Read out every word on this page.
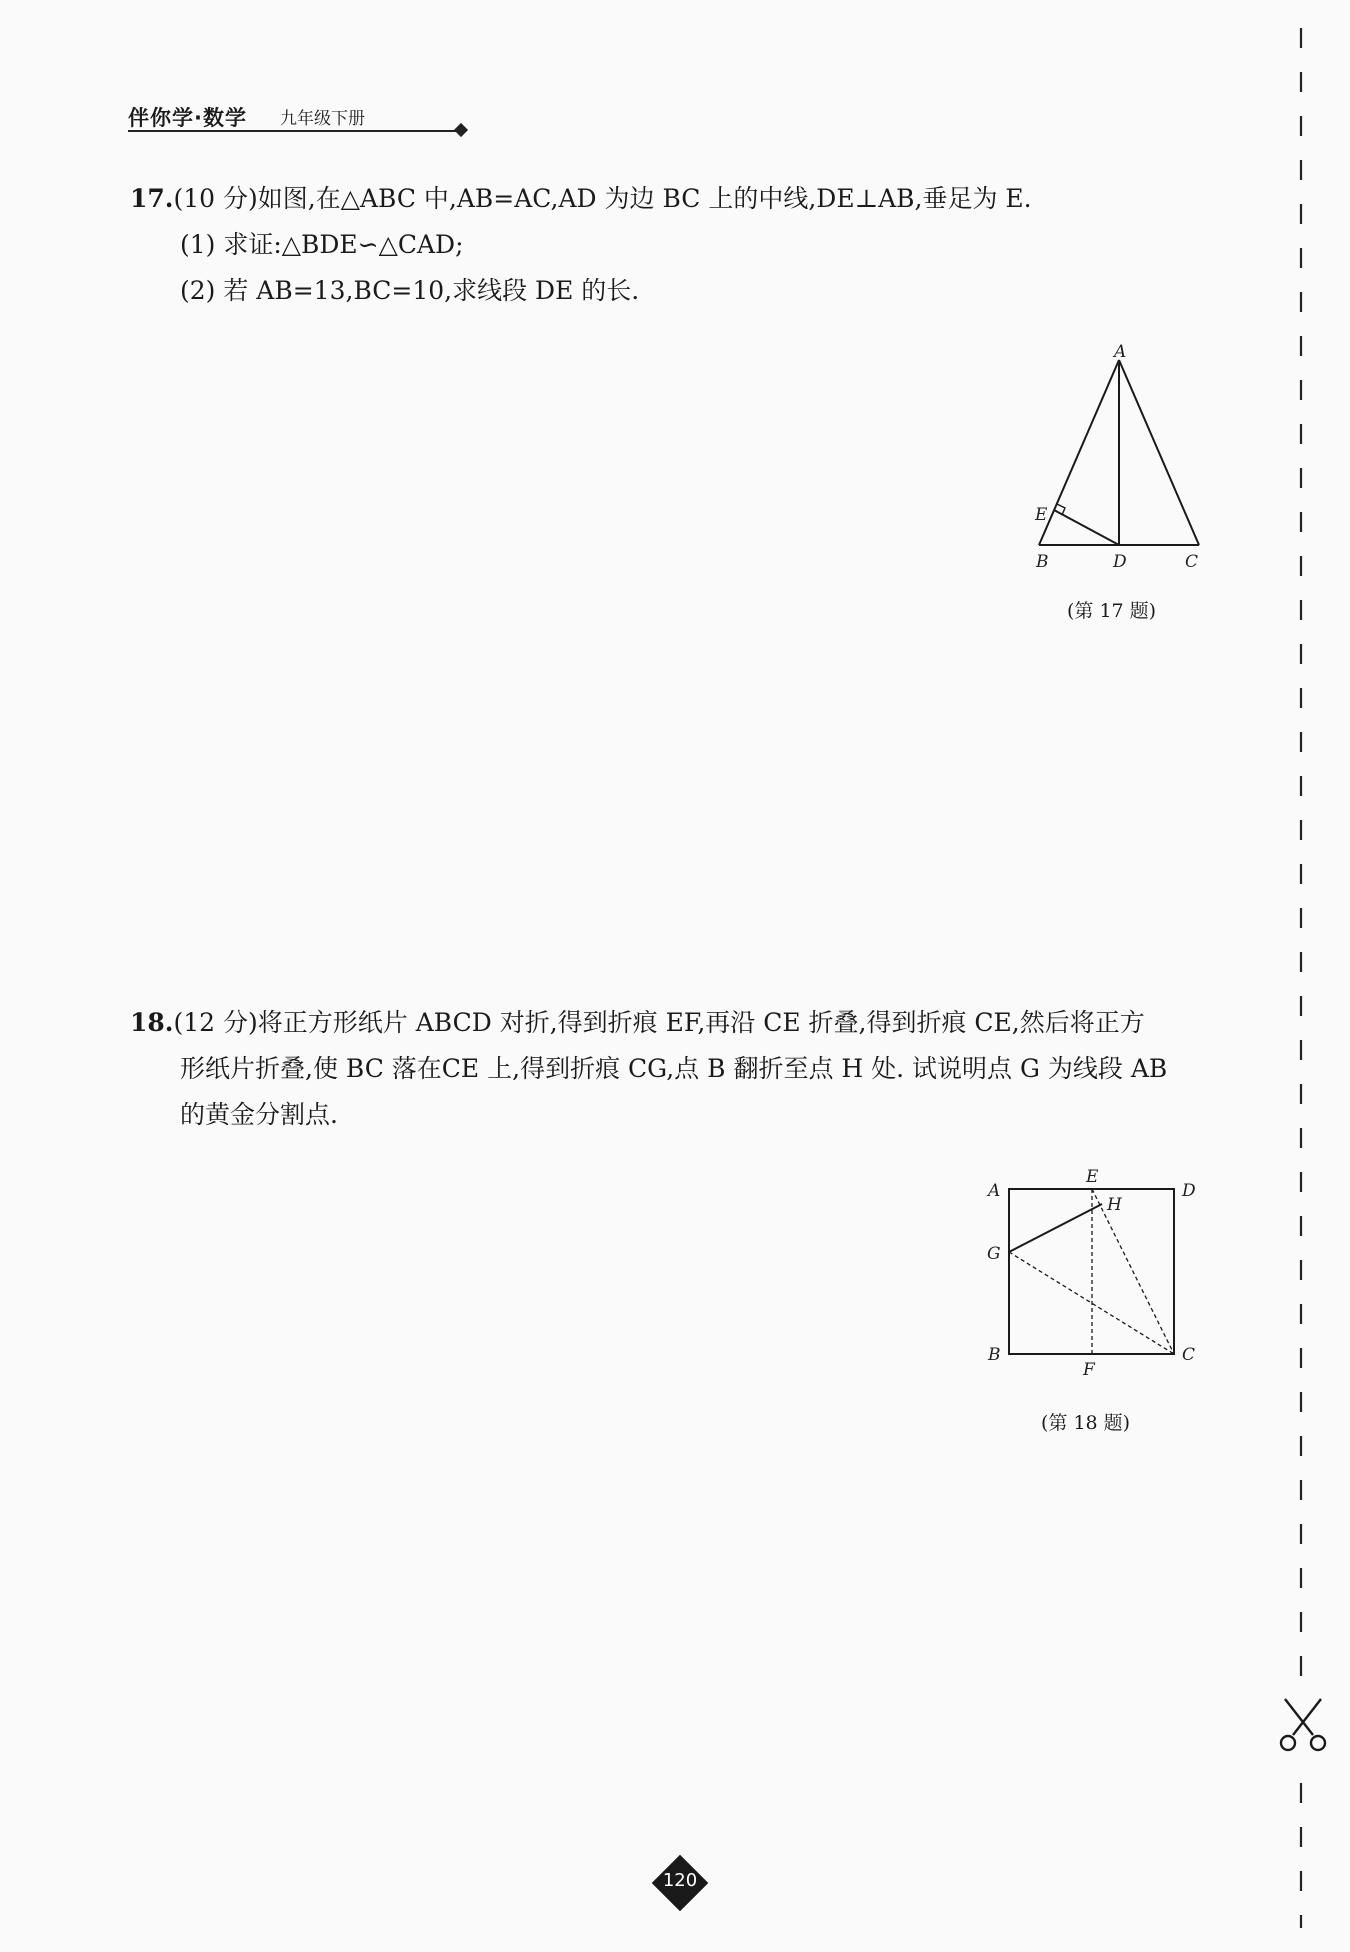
伴你学·数学 九年级下册
17.(10 分)如图,在△ABC 中,AB=AC,AD 为边 BC 上的中线,DE⊥AB,垂足为 E.
(1) 求证:△BDE∽△CAD;
(2) 若 AB=13,BC=10,求线段 DE 的长.
A
B	D	C
E
(第 17 题)
18.(12 分)将正方形纸片 ABCD 对折,得到折痕 EF,再沿 CE 折叠,得到折痕 CE,然后将正方
形纸片折叠,使 BC 落在CE 上,得到折痕 CG,点 B 翻折至点 H 处. 试说明点 G 为线段 AB
的黄金分割点.
A
E
D
H
G
B
F
C
(第 18 题)
120
